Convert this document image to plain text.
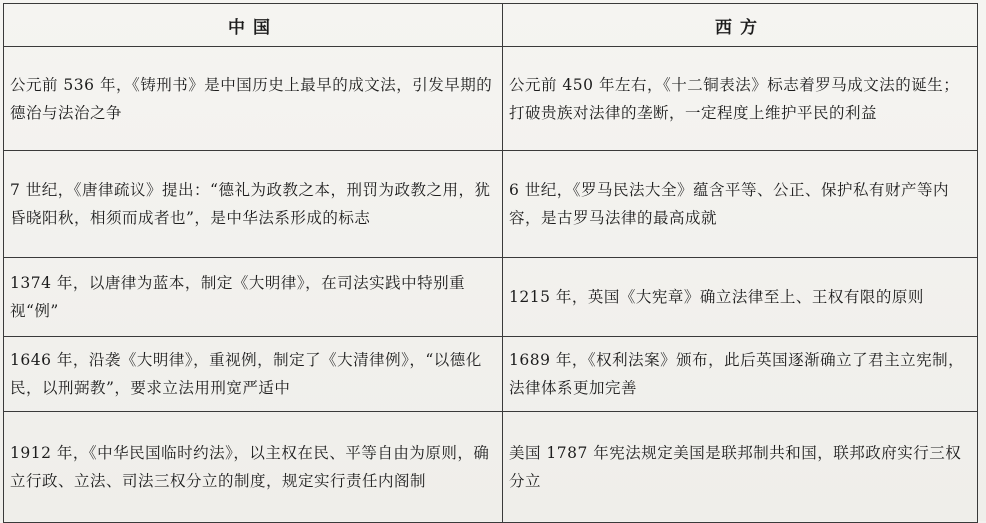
中国	西方
公元前 536 年，《铸刑书》是中国历史上最早的成文法，引发早期的德治与法治之争	公元前 450 年左右，《十二铜表法》标志着罗马成文法的诞生；打破贵族对法律的垄断，一定程度上维护平民的利益
7 世纪，《唐律疏议》提出：“德礼为政教之本，刑罚为政教之用，犹昏晓阳秋，相须而成者也”，是中华法系形成的标志	6 世纪，《罗马民法大全》蕴含平等、公正、保护私有财产等内容，是古罗马法律的最高成就
1374 年，以唐律为蓝本，制定《大明律》，在司法实践中特别重视“例”	1215 年，英国《大宪章》确立法律至上、王权有限的原则
1646 年，沿袭《大明律》，重视例，制定了《大清律例》，“以德化民，以刑弼教”，要求立法用刑宽严适中	1689 年，《权利法案》颁布，此后英国逐渐确立了君主立宪制，法律体系更加完善
1912 年，《中华民国临时约法》，以主权在民、平等自由为原则，确立行政、立法、司法三权分立的制度，规定实行责任内阁制	美国 1787 年宪法规定美国是联邦制共和国，联邦政府实行三权分立
